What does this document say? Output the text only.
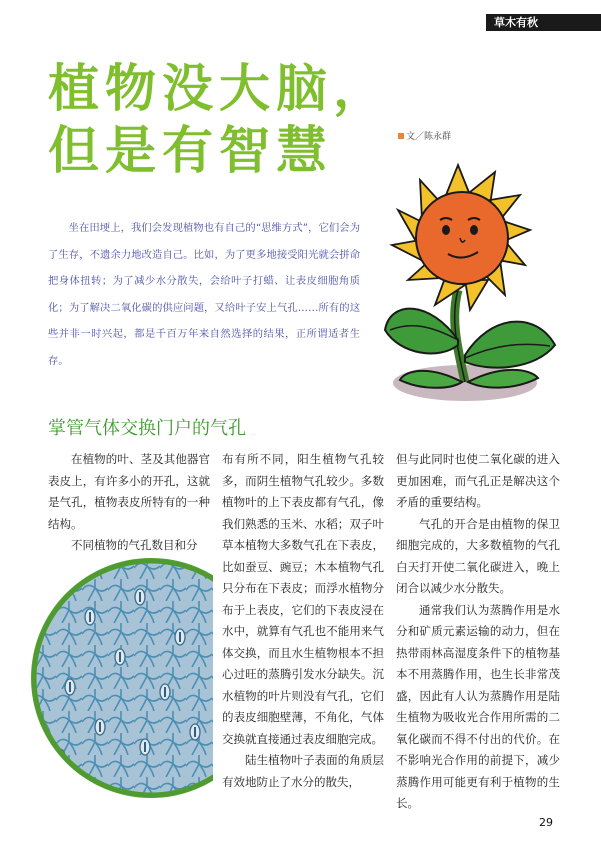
草木有秋
植物没大脑，
但是有智慧	文／陈永群

坐在田埂上，我们会发现植物也有自己的“思维方式”，它们会为了生存，不遗余力地改造自己。比如，为了更多地接受阳光就会拼命把身体扭转；为了减少水分散失，会给叶子打蜡、让表皮细胞角质化；为了解决二氧化碳的供应问题，又给叶子安上气孔……所有的这些并非一时兴起，都是千百万年来自然选择的结果，正所谓适者生存。

掌管气体交换门户的气孔

在植物的叶、茎及其他器官表皮上，有许多小的开孔，这就是气孔，植物表皮所特有的一种结构。

不同植物的气孔数目和分

布有所不同，阳生植物气孔较多，而阴生植物气孔较少。多数植物叶的上下表皮都有气孔，像我们熟悉的玉米、水稻；双子叶草本植物大多数气孔在下表皮，比如蚕豆、豌豆；木本植物气孔只分布在下表皮；而浮水植物分布于上表皮，它们的下表皮浸在水中，就算有气孔也不能用来气体交换，而且水生植物根本不担心过旺的蒸腾引发水分缺失。沉水植物的叶片则没有气孔，它们的表皮细胞壁薄，不角化，气体交换就直接通过表皮细胞完成。

陆生植物叶子表面的角质层有效地防止了水分的散失，

但与此同时也使二氧化碳的进入更加困难，而气孔正是解决这个矛盾的重要结构。

气孔的开合是由植物的保卫细胞完成的，大多数植物的气孔白天打开使二氧化碳进入，晚上闭合以减少水分散失。

通常我们认为蒸腾作用是水分和矿质元素运输的动力，但在热带雨林高湿度条件下的植物基本不用蒸腾作用，也生长非常茂盛，因此有人认为蒸腾作用是陆生植物为吸收光合作用所需的二氧化碳而不得不付出的代价。在不影响光合作用的前提下，减少蒸腾作用可能更有利于植物的生长。

29
